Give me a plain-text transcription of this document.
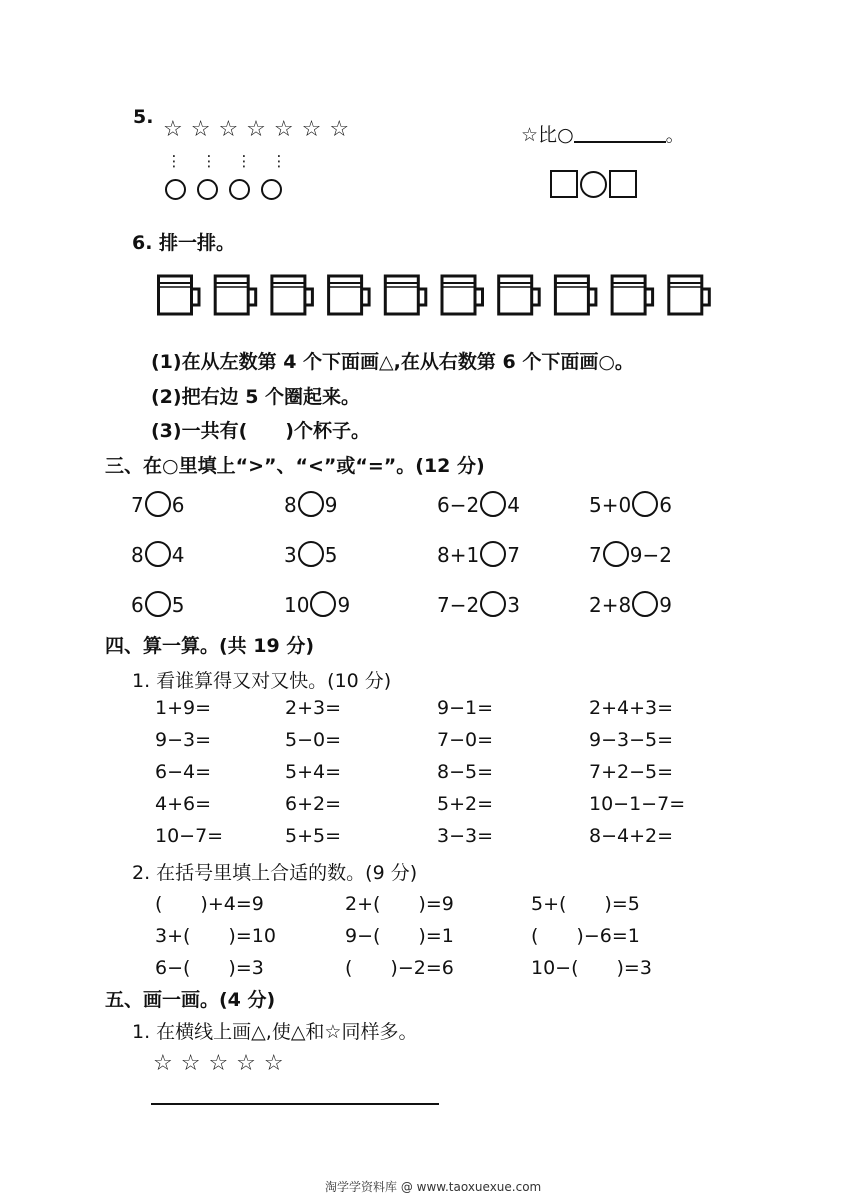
5. ☆☆☆☆☆☆☆
⋮ ⋮ ⋮ ⋮
☆比○	。
6. 排一排。
(1)在从左数第 4 个下面画△,在从右数第 6 个下面画○。
(2)把右边 5 个圈起来。
(3)一共有(　　)个杯子。
三、在○里填上“>”、“<”或“=”。(12 分)
7 6	8 9	6−2 4	5+0 6
8 4	3 5	8+1 7	7 9−2
6 5	10 9	7−2 3	2+8 9
四、算一算。(共 19 分)
1. 看谁算得又对又快。(10 分)
1+9=	2+3=	9−1=	2+4+3=
9−3=	5−0=	7−0=	9−3−5=
6−4=	5+4=	8−5=	7+2−5=
4+6=	6+2=	5+2=	10−1−7=
10−7=	5+5=	3−3=	8−4+2=
2. 在括号里填上合适的数。(9 分)
(　　)+4=9	2+(　　)=9	5+(　　)=5
3+(　　)=10	9−(　　)=1	(　　)−6=1
6−(　　)=3	(　　)−2=6	10−(　　)=3
五、画一画。(4 分)
1. 在横线上画△,使△和☆同样多。
☆☆☆☆☆
淘学学资料库 @ www.taoxuexue.com
